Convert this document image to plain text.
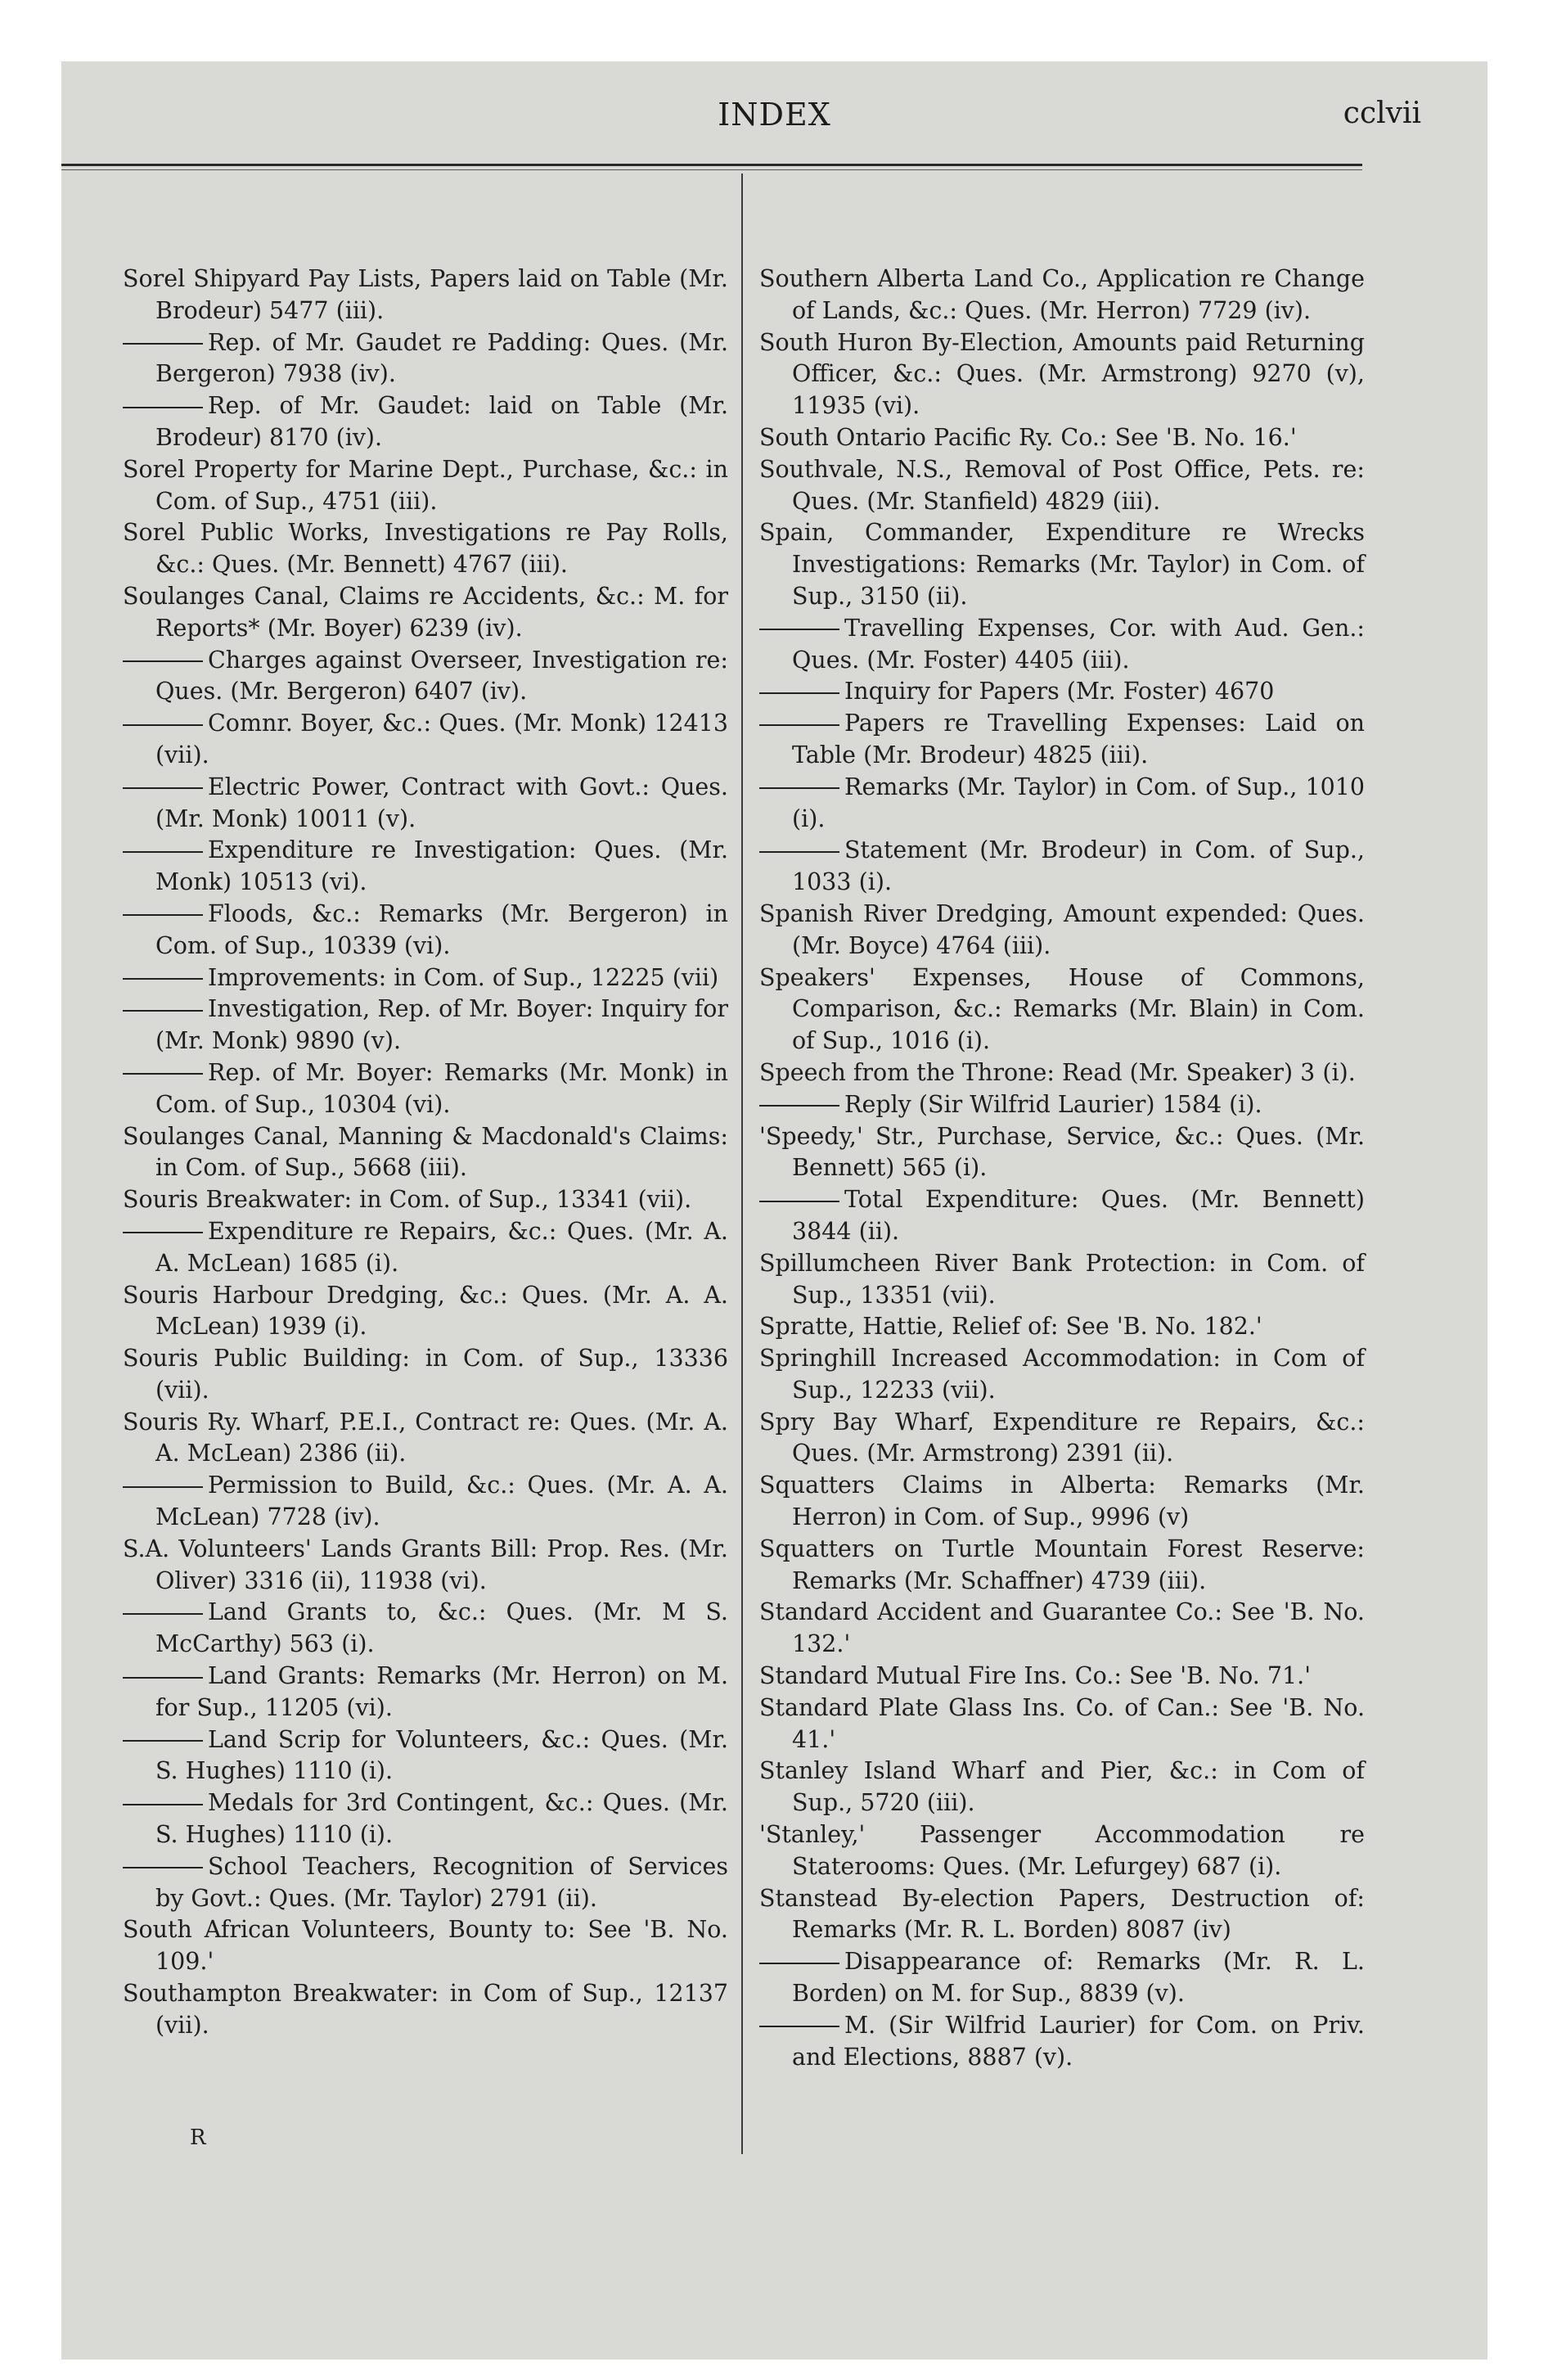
INDEX	cclvii

Sorel Shipyard Pay Lists, Papers laid on Table (Mr. Brodeur) 5477 (iii).

Rep. of Mr. Gaudet re Padding: Ques. (Mr. Bergeron) 7938 (iv).

Rep. of Mr. Gaudet: laid on Table (Mr. Brodeur) 8170 (iv).

Sorel Property for Marine Dept., Purchase, &c.: in Com. of Sup., 4751 (iii).

Sorel Public Works, Investigations re Pay Rolls, &c.: Ques. (Mr. Bennett) 4767 (iii).

Soulanges Canal, Claims re Accidents, &c.: M. for Reports* (Mr. Boyer) 6239 (iv).

Charges against Overseer, Investigation re: Ques. (Mr. Bergeron) 6407 (iv).

Comnr. Boyer, &c.: Ques. (Mr. Monk) 12413 (vii).

Electric Power, Contract with Govt.: Ques. (Mr. Monk) 10011 (v).

Expenditure re Investigation: Ques. (Mr. Monk) 10513 (vi).

Floods, &c.: Remarks (Mr. Bergeron) in Com. of Sup., 10339 (vi).

Improvements: in Com. of Sup., 12225 (vii)

Investigation, Rep. of Mr. Boyer: Inquiry for (Mr. Monk) 9890 (v).

Rep. of Mr. Boyer: Remarks (Mr. Monk) in Com. of Sup., 10304 (vi).

Soulanges Canal, Manning & Macdonald's Claims: in Com. of Sup., 5668 (iii).

Souris Breakwater: in Com. of Sup., 13341 (vii).

Expenditure re Repairs, &c.: Ques. (Mr. A. A. McLean) 1685 (i).

Souris Harbour Dredging, &c.: Ques. (Mr. A. A. McLean) 1939 (i).

Souris Public Building: in Com. of Sup., 13336 (vii).

Souris Ry. Wharf, P.E.I., Contract re: Ques. (Mr. A. A. McLean) 2386 (ii).

Permission to Build, &c.: Ques. (Mr. A. A. McLean) 7728 (iv).

S.A. Volunteers' Lands Grants Bill: Prop. Res. (Mr. Oliver) 3316 (ii), 11938 (vi).

Land Grants to, &c.: Ques. (Mr. M S. McCarthy) 563 (i).

Land Grants: Remarks (Mr. Herron) on M. for Sup., 11205 (vi).

Land Scrip for Volunteers, &c.: Ques. (Mr. S. Hughes) 1110 (i).

Medals for 3rd Contingent, &c.: Ques. (Mr. S. Hughes) 1110 (i).

School Teachers, Recognition of Services by Govt.: Ques. (Mr. Taylor) 2791 (ii).

South African Volunteers, Bounty to: See 'B. No. 109.'

Southampton Breakwater: in Com of Sup., 12137 (vii).

Southern Alberta Land Co., Application re Change of Lands, &c.: Ques. (Mr. Herron) 7729 (iv).

South Huron By-Election, Amounts paid Returning Officer, &c.: Ques. (Mr. Armstrong) 9270 (v), 11935 (vi).

South Ontario Pacific Ry. Co.: See 'B. No. 16.'

Southvale, N.S., Removal of Post Office, Pets. re: Ques. (Mr. Stanfield) 4829 (iii).

Spain, Commander, Expenditure re Wrecks Investigations: Remarks (Mr. Taylor) in Com. of Sup., 3150 (ii).

Travelling Expenses, Cor. with Aud. Gen.: Ques. (Mr. Foster) 4405 (iii).

Inquiry for Papers (Mr. Foster) 4670

Papers re Travelling Expenses: Laid on Table (Mr. Brodeur) 4825 (iii).

Remarks (Mr. Taylor) in Com. of Sup., 1010 (i).

Statement (Mr. Brodeur) in Com. of Sup., 1033 (i).

Spanish River Dredging, Amount expended: Ques. (Mr. Boyce) 4764 (iii).

Speakers' Expenses, House of Commons, Comparison, &c.: Remarks (Mr. Blain) in Com. of Sup., 1016 (i).

Speech from the Throne: Read (Mr. Speaker) 3 (i).

Reply (Sir Wilfrid Laurier) 1584 (i).

'Speedy,' Str., Purchase, Service, &c.: Ques. (Mr. Bennett) 565 (i).

Total Expenditure: Ques. (Mr. Bennett) 3844 (ii).

Spillumcheen River Bank Protection: in Com. of Sup., 13351 (vii).

Spratte, Hattie, Relief of: See 'B. No. 182.'

Springhill Increased Accommodation: in Com of Sup., 12233 (vii).

Spry Bay Wharf, Expenditure re Repairs, &c.: Ques. (Mr. Armstrong) 2391 (ii).

Squatters Claims in Alberta: Remarks (Mr. Herron) in Com. of Sup., 9996 (v)

Squatters on Turtle Mountain Forest Reserve: Remarks (Mr. Schaffner) 4739 (iii).

Standard Accident and Guarantee Co.: See 'B. No. 132.'

Standard Mutual Fire Ins. Co.: See 'B. No. 71.'

Standard Plate Glass Ins. Co. of Can.: See 'B. No. 41.'

Stanley Island Wharf and Pier, &c.: in Com of Sup., 5720 (iii).

'Stanley,' Passenger Accommodation re Staterooms: Ques. (Mr. Lefurgey) 687 (i).

Stanstead By-election Papers, Destruction of: Remarks (Mr. R. L. Borden) 8087 (iv)

Disappearance of: Remarks (Mr. R. L. Borden) on M. for Sup., 8839 (v).

M. (Sir Wilfrid Laurier) for Com. on Priv. and Elections, 8887 (v).

R
